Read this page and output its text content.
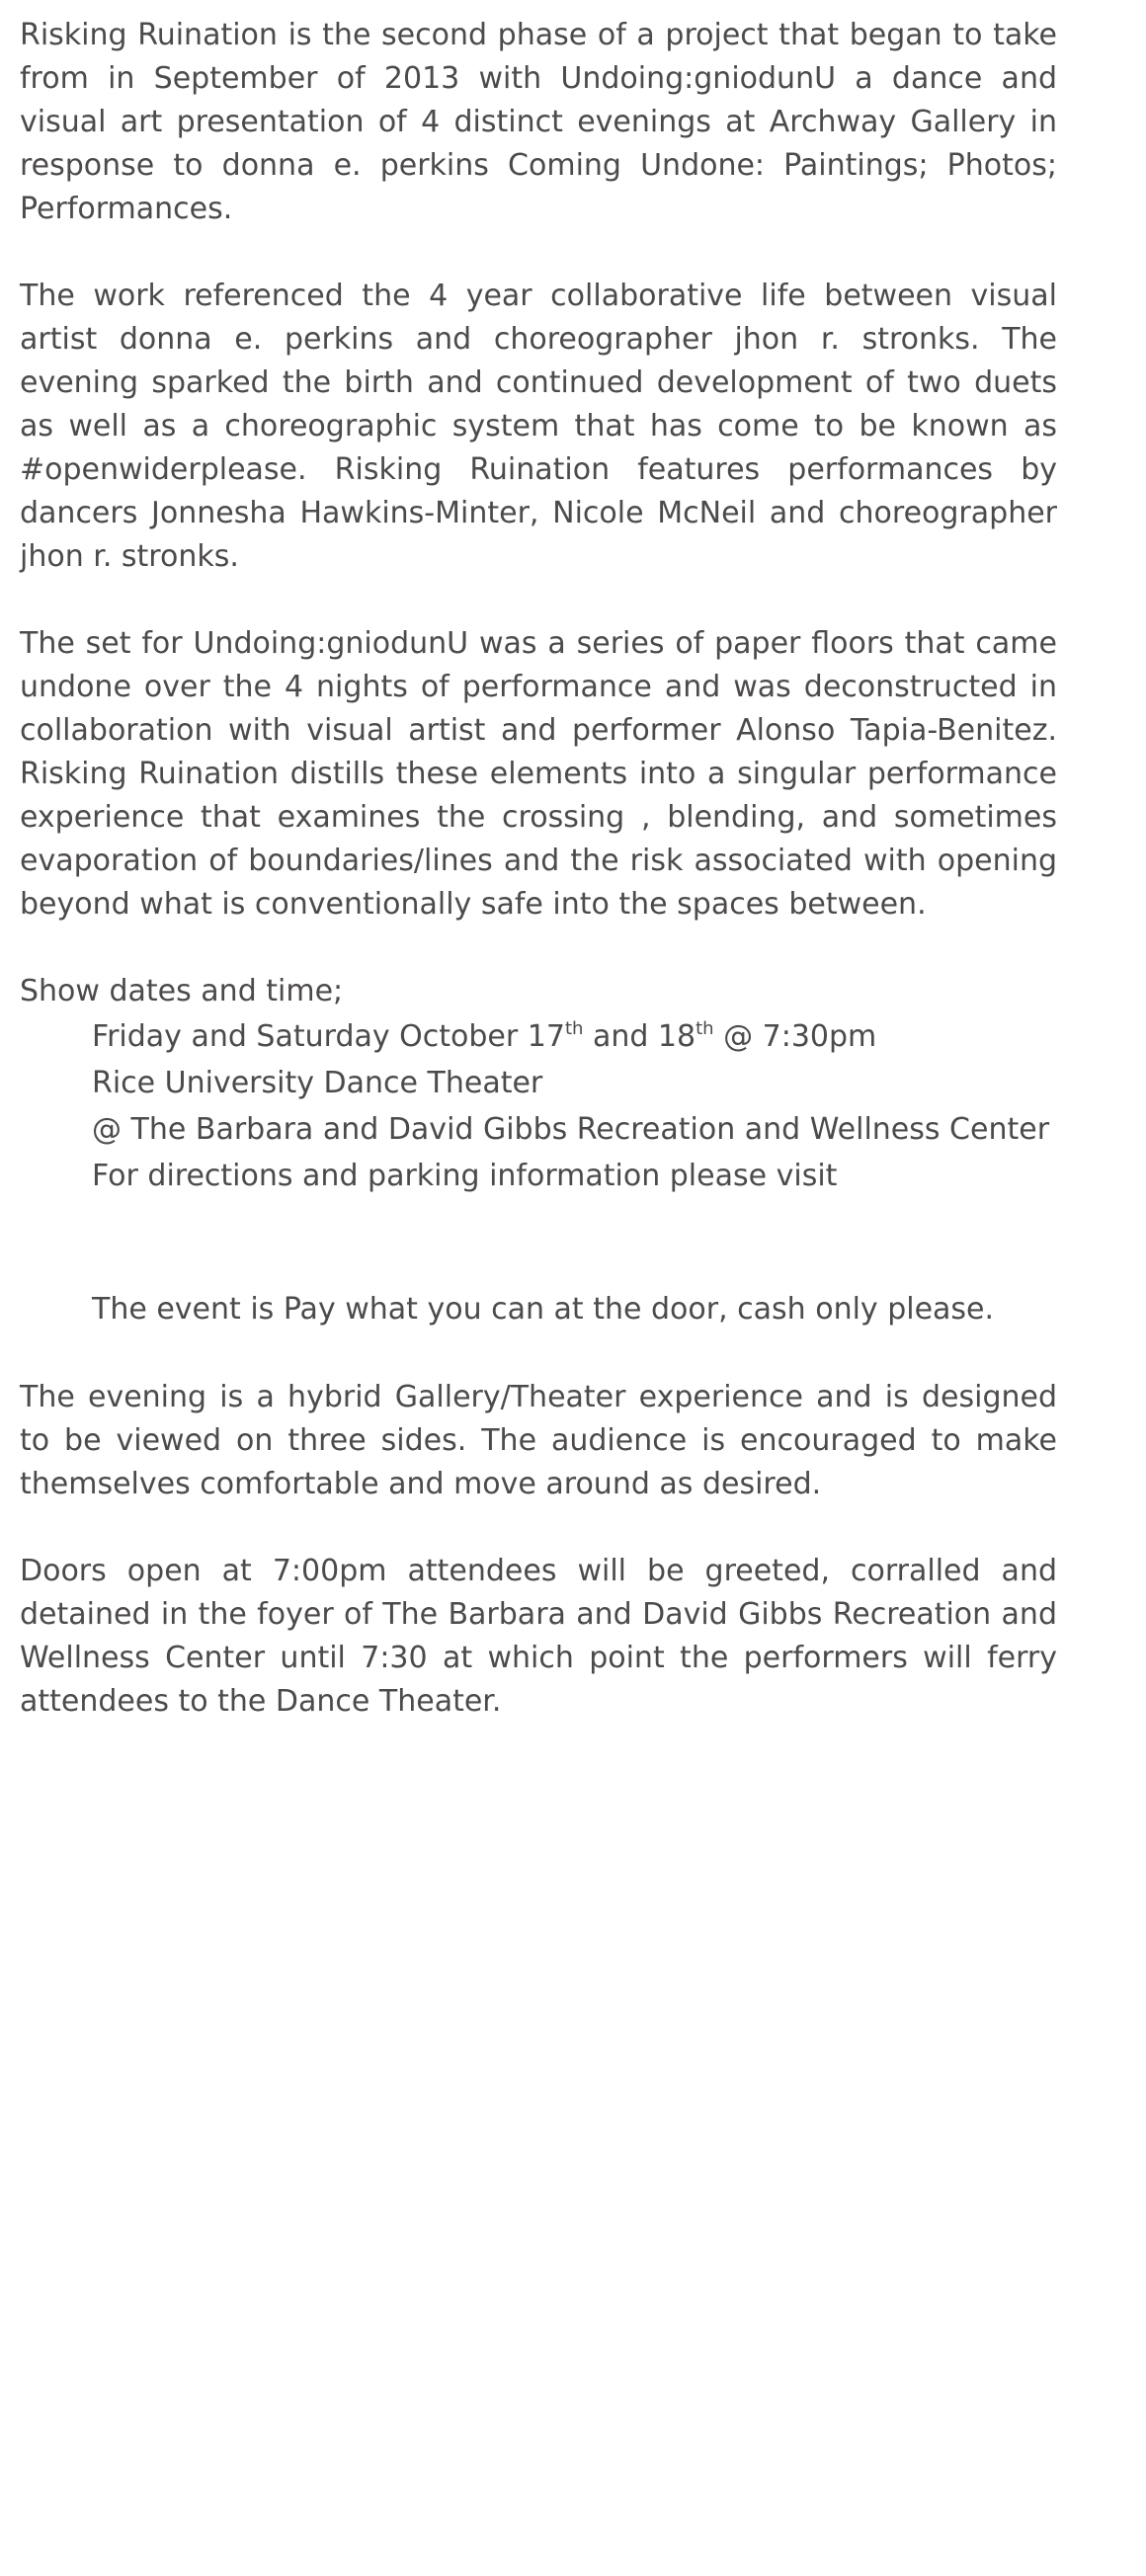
Risking Ruination is the second phase of a project that began to take from in September of 2013 with Undoing:gniodunU a dance and visual art presentation of 4 distinct evenings at Archway Gallery in response to donna e. perkins Coming Undone: Paintings; Photos; Performances.

The work referenced the 4 year collaborative life between visual artist donna e. perkins and choreographer jhon r. stronks. The evening sparked the birth and continued development of two duets as well as a choreographic system that has come to be known as #openwiderplease. Risking Ruination features performances by dancers Jonnesha Hawkins-Minter, Nicole McNeil and choreographer jhon r. stronks.

The set for Undoing:gniodunU was a series of paper floors that came undone over the 4 nights of performance and was deconstructed in collaboration with visual artist and performer Alonso Tapia-Benitez. Risking Ruination distills these elements into a singular performance experience that examines the crossing , blending, and sometimes evaporation of boundaries/lines and the risk associated with opening beyond what is conventionally safe into the spaces between.

Show dates and time;

Friday and Saturday October 17th and 18th @ 7:30pm

Rice University Dance Theater

@ The Barbara and David Gibbs Recreation and Wellness Center

For directions and parking information please visit

The event is Pay what you can at the door, cash only please.

The evening is a hybrid Gallery/Theater experience and is designed to be viewed on three sides. The audience is encouraged to make themselves comfortable and move around as desired.

Doors open at 7:00pm attendees will be greeted, corralled and detained in the foyer of The Barbara and David Gibbs Recreation and Wellness Center until 7:30 at which point the performers will ferry attendees to the Dance Theater.
